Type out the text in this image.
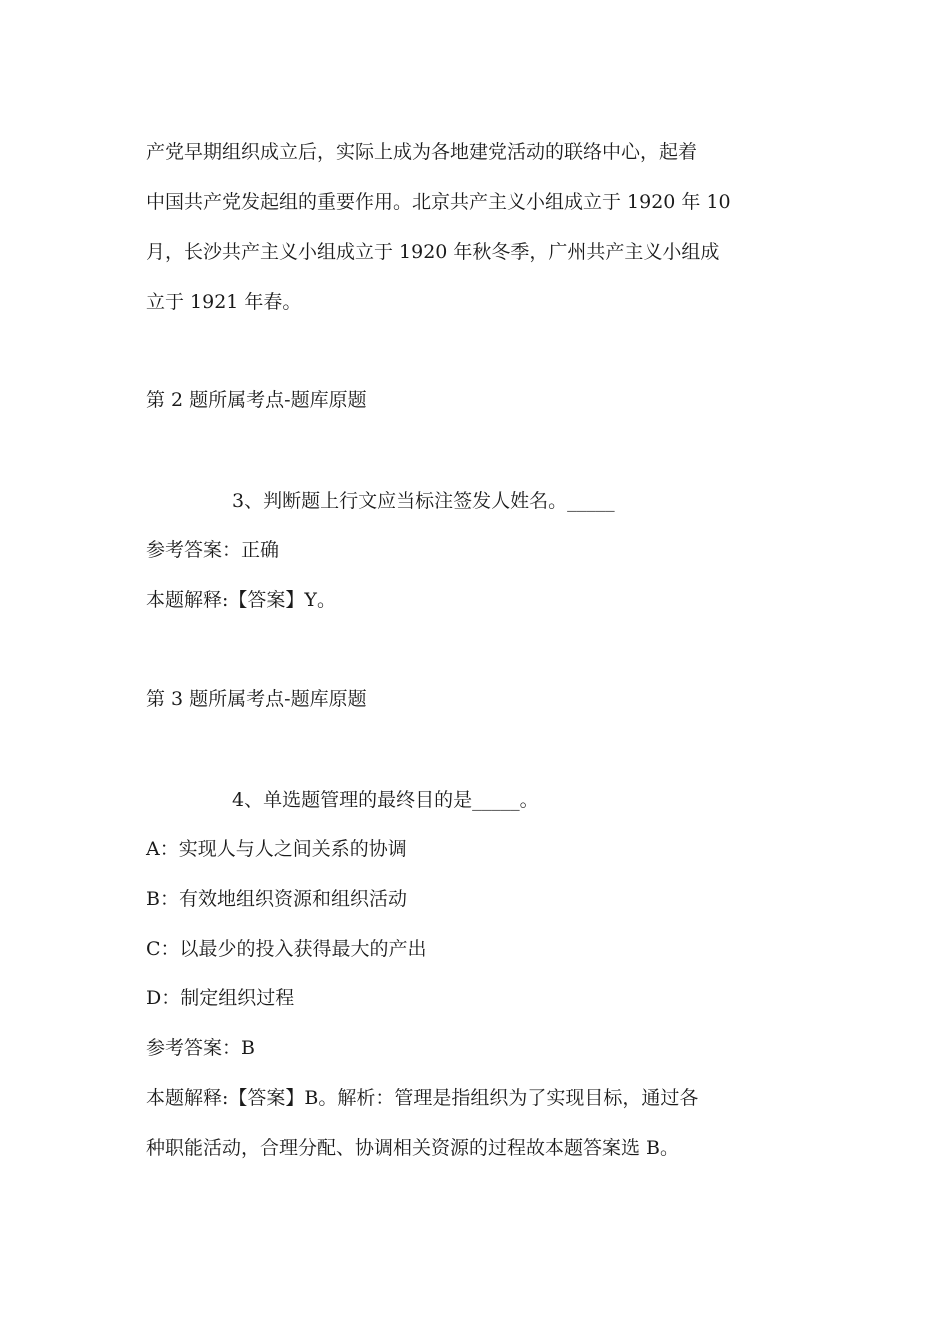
产党早期组织成立后，实际上成为各地建党活动的联络中心，起着

中国共产党发起组的重要作用。北京共产主义小组成立于 1920 年 10

月，长沙共产主义小组成立于 1920 年秋冬季，广州共产主义小组成

立于 1921 年春。

第 2 题所属考点-题库原题

3、判断题上行文应当标注签发人姓名。_____

参考答案：正确

本题解释:【答案】Y。

第 3 题所属考点-题库原题

4、单选题管理的最终目的是_____。

A：实现人与人之间关系的协调

B：有效地组织资源和组织活动

C：以最少的投入获得最大的产出

D：制定组织过程

参考答案：B

本题解释:【答案】B。解析：管理是指组织为了实现目标，通过各

种职能活动，合理分配、协调相关资源的过程故本题答案选 B。
